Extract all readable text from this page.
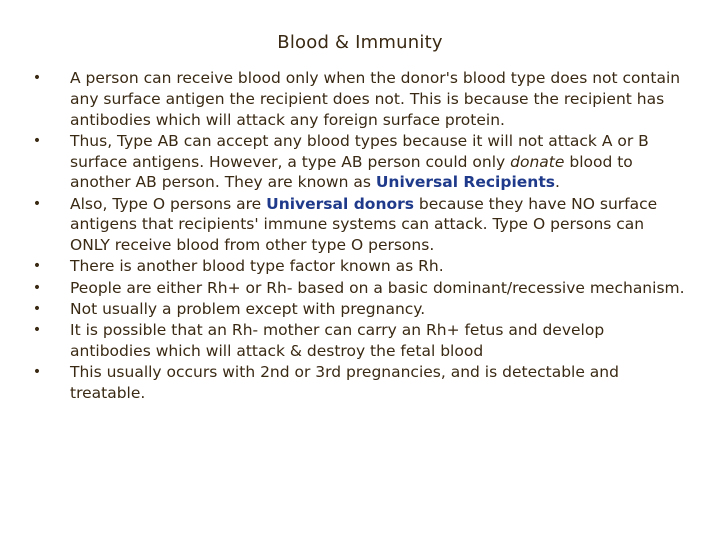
Blood & Immunity
•	A person can receive blood only when the donor's blood type does not contain any surface antigen the recipient does not. This is because the recipient has antibodies which will attack any foreign surface protein.
•	Thus, Type AB can accept any blood types because it will not attack A or B surface antigens. However, a type AB person could only donate blood to another AB person. They are known as Universal Recipients.
•	Also, Type O persons are Universal donors because they have NO surface antigens that recipients' immune systems can attack. Type O persons can ONLY receive blood from other type O persons.
•	There is another blood type factor known as Rh.
•	People are either Rh+ or Rh- based on a basic dominant/recessive mechanism.
•	Not usually a problem except with pregnancy.
•	It is possible that an Rh- mother can carry an Rh+ fetus and develop antibodies which will attack & destroy the fetal blood
•	This usually occurs with 2nd or 3rd pregnancies, and is detectable and treatable.
